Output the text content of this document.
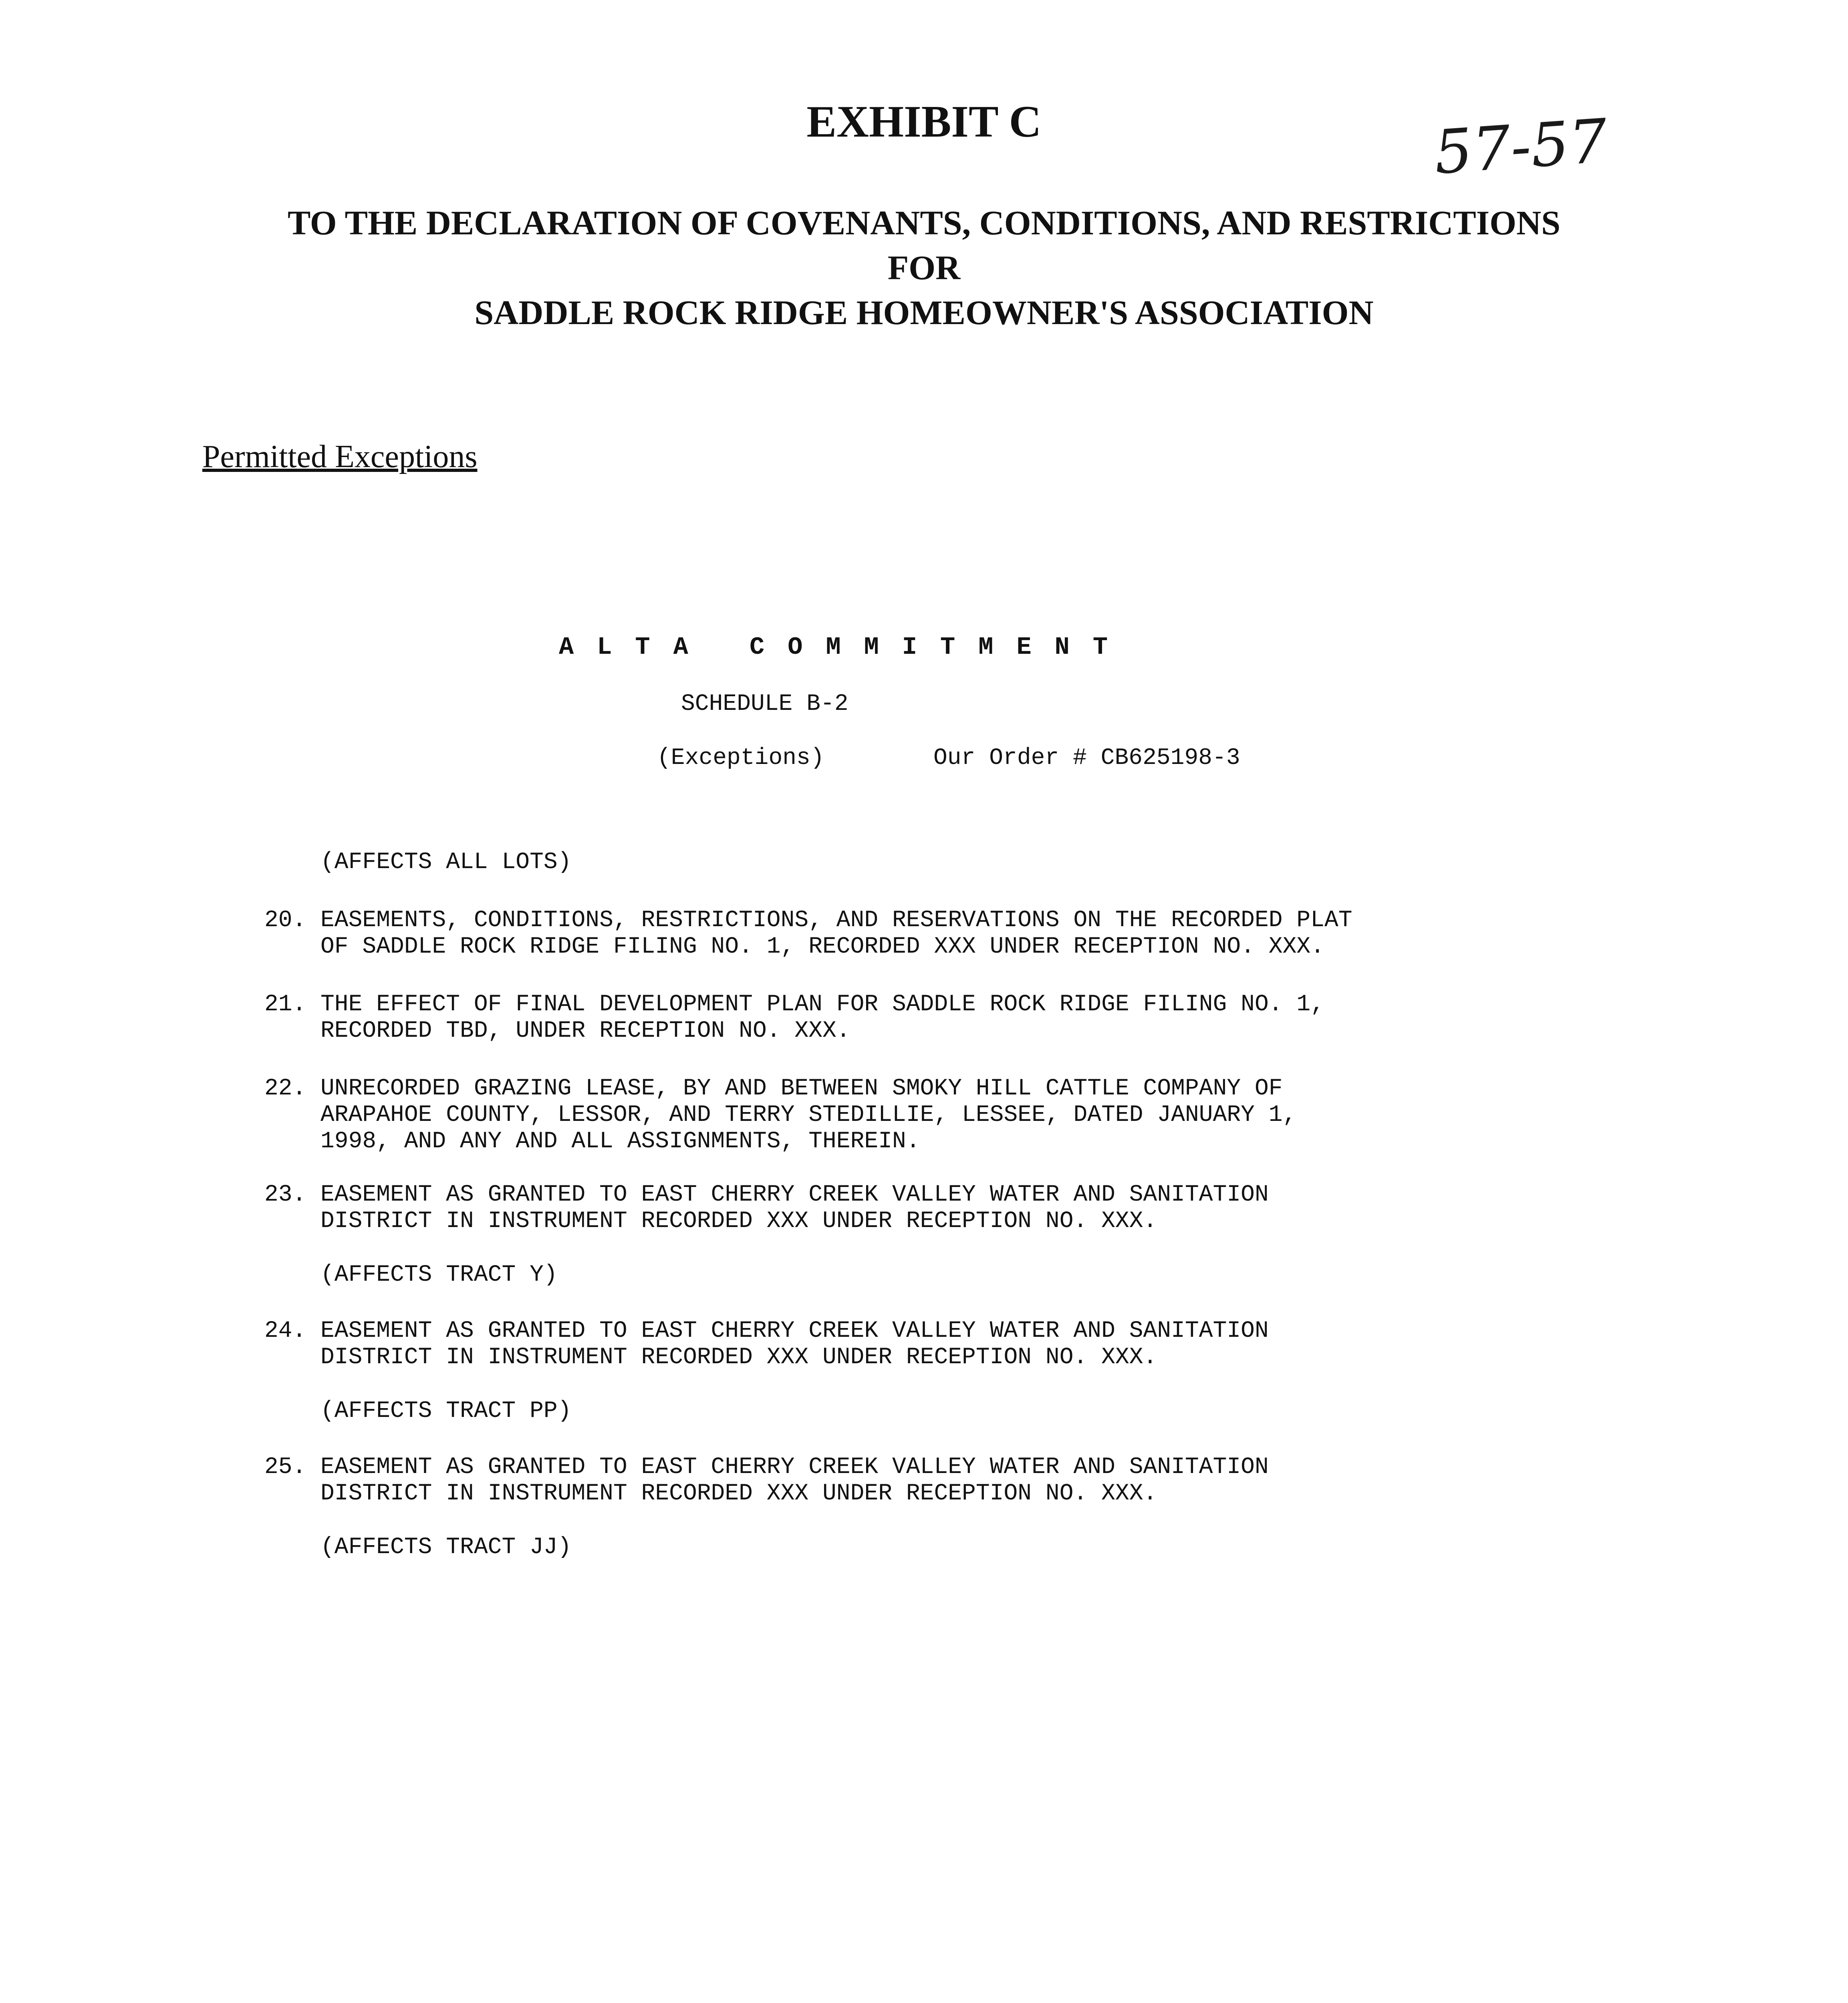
EXHIBIT C	57-57
TO THE DECLARATION OF COVENANTS, CONDITIONS, AND RESTRICTIONS
FOR
SADDLE ROCK RIDGE HOMEOWNER'S ASSOCIATION
Permitted Exceptions
ALTA COMMITMENT
SCHEDULE B-2
(Exceptions)	Our Order # CB625198-3
(AFFECTS ALL LOTS)
20. EASEMENTS, CONDITIONS, RESTRICTIONS, AND RESERVATIONS ON THE RECORDED PLAT
OF SADDLE ROCK RIDGE FILING NO. 1, RECORDED XXX UNDER RECEPTION NO. XXX.
21. THE EFFECT OF FINAL DEVELOPMENT PLAN FOR SADDLE ROCK RIDGE FILING NO. 1,
RECORDED TBD, UNDER RECEPTION NO. XXX.
22. UNRECORDED GRAZING LEASE, BY AND BETWEEN SMOKY HILL CATTLE COMPANY OF
ARAPAHOE COUNTY, LESSOR, AND TERRY STEDILLIE, LESSEE, DATED JANUARY 1,
1998, AND ANY AND ALL ASSIGNMENTS, THEREIN.
23. EASEMENT AS GRANTED TO EAST CHERRY CREEK VALLEY WATER AND SANITATION
DISTRICT IN INSTRUMENT RECORDED XXX UNDER RECEPTION NO. XXX.
(AFFECTS TRACT Y)
24. EASEMENT AS GRANTED TO EAST CHERRY CREEK VALLEY WATER AND SANITATION
DISTRICT IN INSTRUMENT RECORDED XXX UNDER RECEPTION NO. XXX.
(AFFECTS TRACT PP)
25. EASEMENT AS GRANTED TO EAST CHERRY CREEK VALLEY WATER AND SANITATION
DISTRICT IN INSTRUMENT RECORDED XXX UNDER RECEPTION NO. XXX.
(AFFECTS TRACT JJ)
